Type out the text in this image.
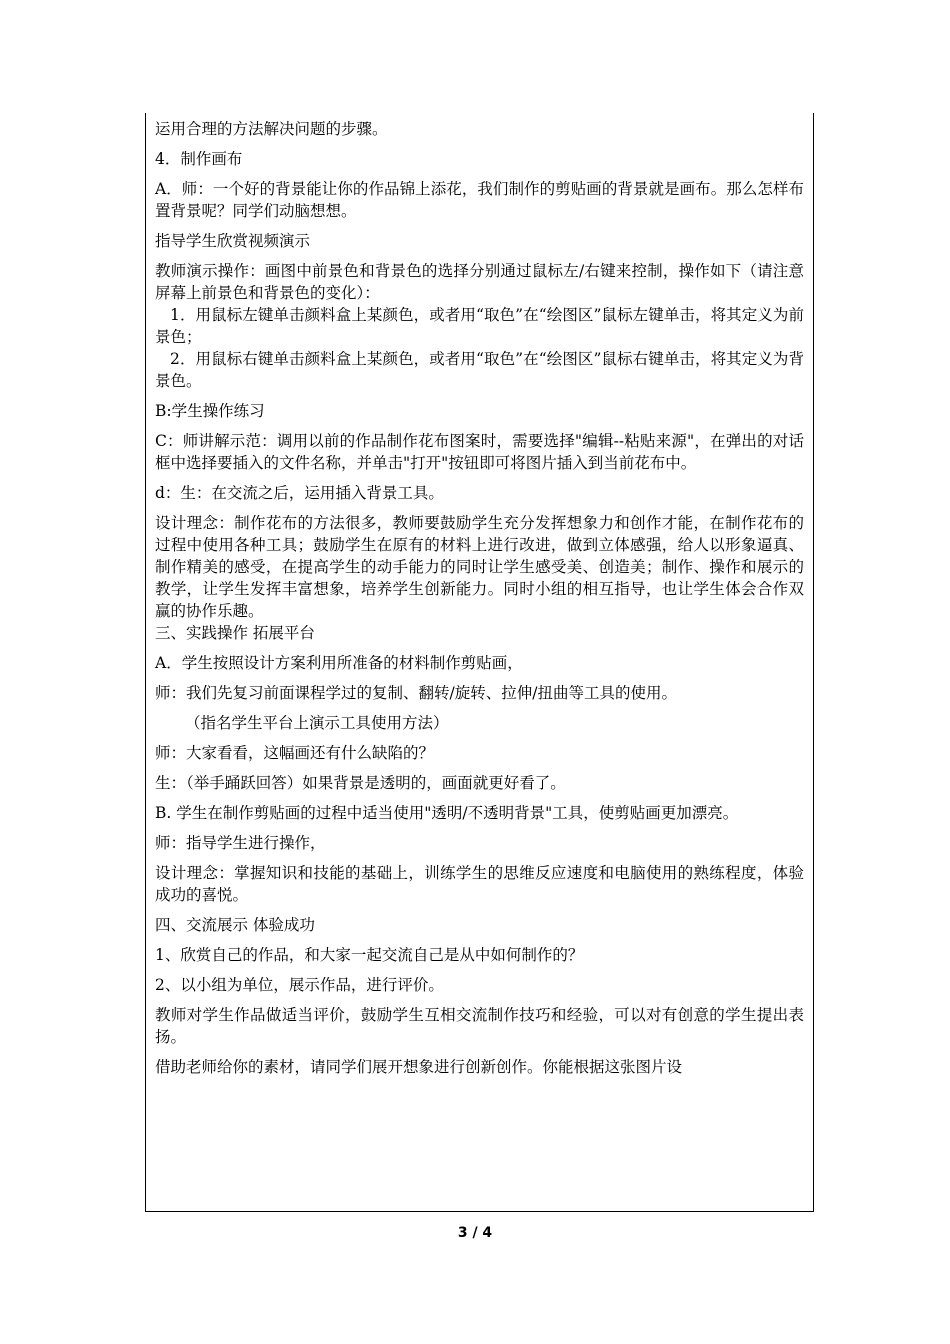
运用合理的方法解决问题的步骤。

4．制作画布

A．师：一个好的背景能让你的作品锦上添花，我们制作的剪贴画的背景就是画布。那么怎样布置背景呢？同学们动脑想想。

指导学生欣赏视频演示

教师演示操作：画图中前景色和背景色的选择分别通过鼠标左/右键来控制，操作如下（请注意屏幕上前景色和背景色的变化）：

1．用鼠标左键单击颜料盒上某颜色，或者用“取色”在“绘图区”鼠标左键单击，将其定义为前景色；

2．用鼠标右键单击颜料盒上某颜色，或者用“取色”在“绘图区”鼠标右键单击，将其定义为背景色。

B:学生操作练习

C：师讲解示范：调用以前的作品制作花布图案时，需要选择"编辑--粘贴来源"，在弹出的对话框中选择要插入的文件名称，并单击"打开"按钮即可将图片插入到当前花布中。

d：生：在交流之后，运用插入背景工具。

设计理念：制作花布的方法很多，教师要鼓励学生充分发挥想象力和创作才能，在制作花布的过程中使用各种工具；鼓励学生在原有的材料上进行改进，做到立体感强，给人以形象逼真、制作精美的感受，在提高学生的动手能力的同时让学生感受美、创造美；制作、操作和展示的教学，让学生发挥丰富想象，培养学生创新能力。同时小组的相互指导，也让学生体会合作双赢的协作乐趣。

三、实践操作 拓展平台

A．学生按照设计方案利用所准备的材料制作剪贴画，

师：我们先复习前面课程学过的复制、翻转/旋转、拉伸/扭曲等工具的使用。

（指名学生平台上演示工具使用方法）

师：大家看看，这幅画还有什么缺陷的？

生：（举手踊跃回答）如果背景是透明的，画面就更好看了。

B. 学生在制作剪贴画的过程中适当使用"透明/不透明背景"工具，使剪贴画更加漂亮。

师：指导学生进行操作，

设计理念：掌握知识和技能的基础上，训练学生的思维反应速度和电脑使用的熟练程度，体验成功的喜悦。

四、交流展示 体验成功

1、欣赏自己的作品，和大家一起交流自己是从中如何制作的？

2、以小组为单位，展示作品，进行评价。

教师对学生作品做适当评价，鼓励学生互相交流制作技巧和经验，可以对有创意的学生提出表扬。

借助老师给你的素材，请同学们展开想象进行创新创作。你能根据这张图片设

3 / 4
